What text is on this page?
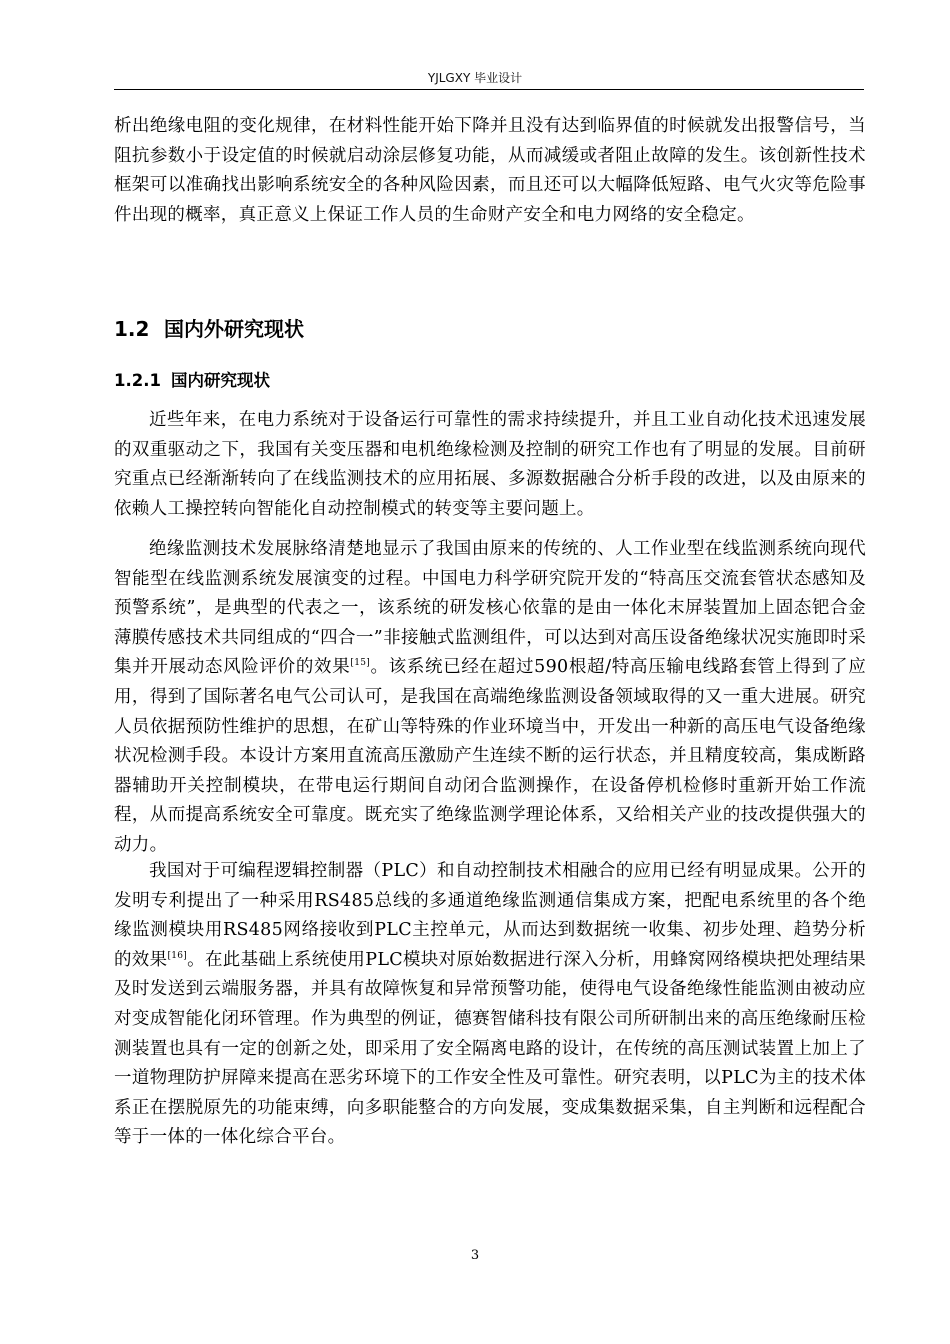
YJLGXY 毕业设计

析出绝缘电阻的变化规律，在材料性能开始下降并且没有达到临界值的时候就发出报警信号，当阻抗参数小于设定值的时候就启动涂层修复功能，从而减缓或者阻止故障的发生。该创新性技术框架可以准确找出影响系统安全的各种风险因素，而且还可以大幅降低短路、电气火灾等危险事件出现的概率，真正意义上保证工作人员的生命财产安全和电力网络的安全稳定。

1.2 国内外研究现状
1.2.1 国内研究现状

近些年来，在电力系统对于设备运行可靠性的需求持续提升，并且工业自动化技术迅速发展的双重驱动之下，我国有关变压器和电机绝缘检测及控制的研究工作也有了明显的发展。目前研究重点已经渐渐转向了在线监测技术的应用拓展、多源数据融合分析手段的改进，以及由原来的依赖人工操控转向智能化自动控制模式的转变等主要问题上。

绝缘监测技术发展脉络清楚地显示了我国由原来的传统的、人工作业型在线监测系统向现代智能型在线监测系统发展演变的过程。中国电力科学研究院开发的“特高压交流套管状态感知及预警系统”，是典型的代表之一，该系统的研发核心依靠的是由一体化末屏装置加上固态钯合金薄膜传感技术共同组成的“四合一”非接触式监测组件，可以达到对高压设备绝缘状况实施即时采集并开展动态风险评价的效果[15]。该系统已经在超过590根超/特高压输电线路套管上得到了应用，得到了国际著名电气公司认可，是我国在高端绝缘监测设备领域取得的又一重大进展。研究人员依据预防性维护的思想，在矿山等特殊的作业环境当中，开发出一种新的高压电气设备绝缘状况检测手段。本设计方案用直流高压激励产生连续不断的运行状态，并且精度较高，集成断路器辅助开关控制模块，在带电运行期间自动闭合监测操作，在设备停机检修时重新开始工作流程，从而提高系统安全可靠度。既充实了绝缘监测学理论体系，又给相关产业的技改提供强大的动力。

我国对于可编程逻辑控制器（PLC）和自动控制技术相融合的应用已经有明显成果。公开的发明专利提出了一种采用RS485总线的多通道绝缘监测通信集成方案，把配电系统里的各个绝缘监测模块用RS485网络接收到PLC主控单元，从而达到数据统一收集、初步处理、趋势分析的效果[16]。在此基础上系统使用PLC模块对原始数据进行深入分析，用蜂窝网络模块把处理结果及时发送到云端服务器，并具有故障恢复和异常预警功能，使得电气设备绝缘性能监测由被动应对变成智能化闭环管理。作为典型的例证，德赛智储科技有限公司所研制出来的高压绝缘耐压检测装置也具有一定的创新之处，即采用了安全隔离电路的设计，在传统的高压测试装置上加上了一道物理防护屏障来提高在恶劣环境下的工作安全性及可靠性。研究表明，以PLC为主的技术体系正在摆脱原先的功能束缚，向多职能整合的方向发展，变成集数据采集，自主判断和远程配合等于一体的一体化综合平台。

3
